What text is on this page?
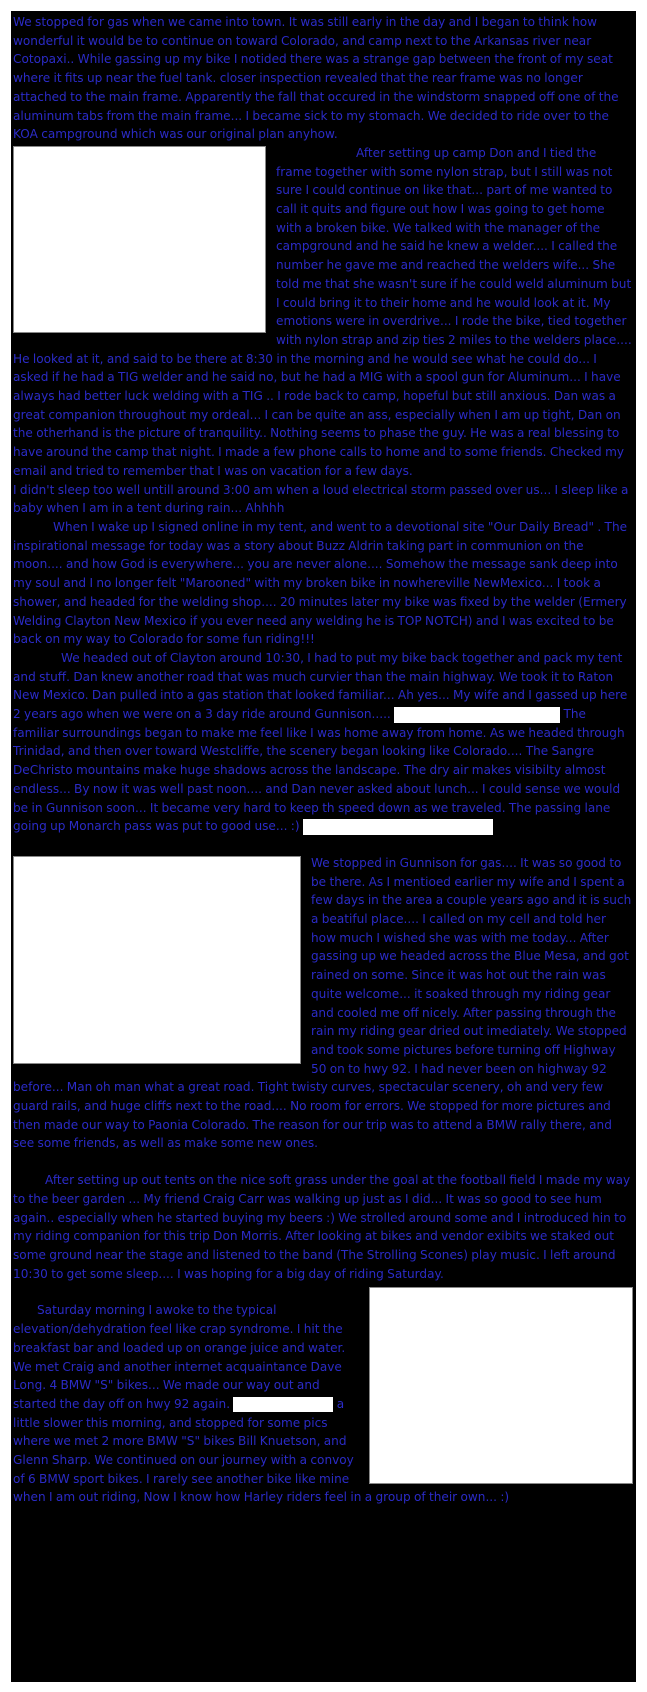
We stopped for gas when we came into town. It was still early in the day and I began to think how wonderful it would be to continue on toward Colorado, and camp next to the Arkansas river near Cotopaxi.. While gassing up my bike I notided there was a strange gap between the front of my seat where it fits up near the fuel tank. closer inspection revealed that the rear frame was no longer attached to the main frame. Apparently the fall that occured in the windstorm snapped off one of the aluminum tabs from the main frame... I became sick to my stomach. We decided to ride over to the KOA campground which was our original plan anyhow.

After setting up camp Don and I tied the frame together with some nylon strap, but I still was not sure I could continue on like that... part of me wanted to call it quits and figure out how I was going to get home with a broken bike. We talked with the manager of the campground and he said he knew a welder.... I called the number he gave me and reached the welders wife... She told me that she wasn't sure if he could weld aluminum but I could bring it to their home and he would look at it. My emotions were in overdrive... I rode the bike, tied together with nylon strap and zip ties 2 miles to the welders place.... He looked at it, and said to be there at 8:30 in the morning and he would see what he could do... I asked if he had a TIG welder and he said no, but he had a MIG with a spool gun for Aluminum... I have always had better luck welding with a TIG .. I rode back to camp, hopeful but still anxious. Dan was a great companion throughout my ordeal... I can be quite an ass, especially when I am up tight, Dan on the otherhand is the picture of tranquility.. Nothing seems to phase the guy. He was a real blessing to have around the camp that night. I made a few phone calls to home and to some friends. Checked my email and tried to remember that I was on vacation for a few days.

I didn't sleep too well untill around 3:00 am when a loud electrical storm passed over us... I sleep like a baby when I am in a tent during rain... Ahhhh

When I wake up I signed online in my tent, and went to a devotional site "Our Daily Bread" . The inspirational message for today was a story about Buzz Aldrin taking part in communion on the moon.... and how God is everywhere... you are never alone.... Somehow the message sank deep into my soul and I no longer felt "Marooned" with my broken bike in nowhereville NewMexico... I took a shower, and headed for the welding shop.... 20 minutes later my bike was fixed by the welder (Ermery Welding Clayton New Mexico if you ever need any welding he is TOP NOTCH) and I was excited to be back on my way to Colorado for some fun riding!!!

We headed out of Clayton around 10:30, I had to put my bike back together and pack my tent and stuff. Dan knew another road that was much curvier than the main highway. We took it to Raton New Mexico. Dan pulled into a gas station that looked familiar... Ah yes... My wife and I gassed up here 2 years ago when we were on a 3 day ride around Gunnison.....	The familiar surroundings began to make me feel like I was home away from home. As we headed through Trinidad, and then over toward Westcliffe, the scenery began looking like Colorado.... The Sangre DeChristo mountains make huge shadows across the landscape. The dry air makes visibilty almost endless... By now it was well past noon.... and Dan never asked about lunch... I could sense we would be in Gunnison soon... It became very hard to keep th speed down as we traveled. The passing lane going up Monarch pass was put to good use... :)

We stopped in Gunnison for gas.... It was so good to be there. As I mentioed earlier my wife and I spent a few days in the area a couple years ago and it is such a beatiful place.... I called on my cell and told her how much I wished she was with me today... After gassing up we headed across the Blue Mesa, and got rained on some. Since it was hot out the rain was quite welcome... it soaked through my riding gear and cooled me off nicely. After passing through the rain my riding gear dried out imediately. We stopped and took some pictures before turning off Highway 50 on to hwy 92. I had never been on highway 92 before... Man oh man what a great road. Tight twisty curves, spectacular scenery, oh and very few guard rails, and huge cliffs next to the road.... No room for errors. We stopped for more pictures and then made our way to Paonia Colorado. The reason for our trip was to attend a BMW rally there, and see some friends, as well as make some new ones.

After setting up out tents on the nice soft grass under the goal at the football field I made my way to the beer garden ... My friend Craig Carr was walking up just as I did... It was so good to see hum again.. especially when he started buying my beers :) We strolled around some and I introduced hin to my riding companion for this trip Don Morris. After looking at bikes and vendor exibits we staked out some ground near the stage and listened to the band (The Strolling Scones) play music. I left around 10:30 to get some sleep.... I was hoping for a big day of riding Saturday.

Saturday morning I awoke to the typical elevation/dehydration feel like crap syndrome. I hit the breakfast bar and loaded up on orange juice and water. We met Craig and another internet acquaintance Dave Long. 4 BMW "S" bikes... We made our way out and started the day off on hwy 92 again.	a little slower this morning, and stopped for some pics where we met 2 more BMW "S" bikes Bill Knuetson, and Glenn Sharp. We continued on our journey with a convoy of 6 BMW sport bikes. I rarely see another bike like mine when I am out riding, Now I know how Harley riders feel in a group of their own... :)
